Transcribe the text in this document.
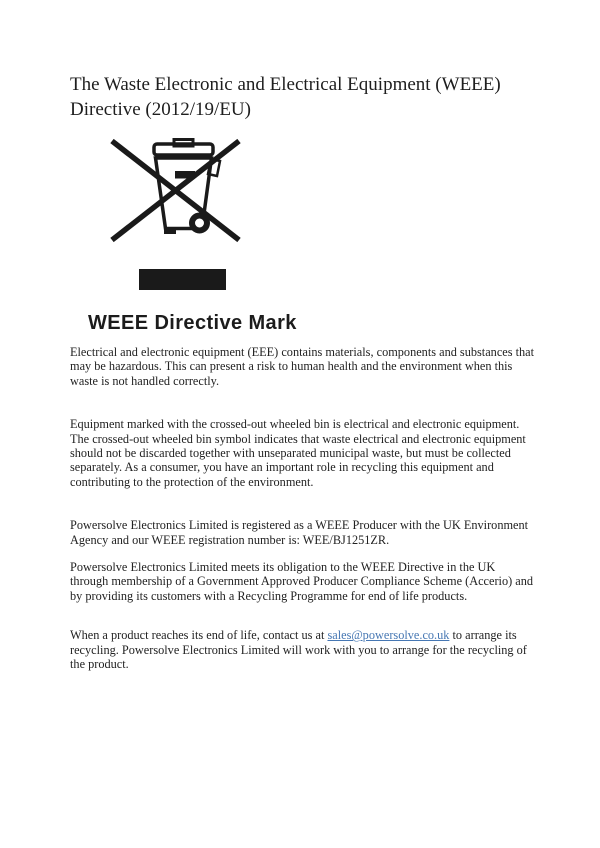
The Waste Electronic and Electrical Equipment (WEEE) Directive (2012/19/EU)
WEEE Directive Mark

Electrical and electronic equipment (EEE) contains materials, components and substances that may be hazardous. This can present a risk to human health and the environment when this waste is not handled correctly.

Equipment marked with the crossed-out wheeled bin is electrical and electronic equipment. The crossed-out wheeled bin symbol indicates that waste electrical and electronic equipment should not be discarded together with unseparated municipal waste, but must be collected separately. As a consumer, you have an important role in recycling this equipment and contributing to the protection of the environment.

Powersolve Electronics Limited is registered as a WEEE Producer with the UK Environment Agency and our WEEE registration number is: WEE/BJ1251ZR.

Powersolve Electronics Limited meets its obligation to the WEEE Directive in the UK through membership of a Government Approved Producer Compliance Scheme (Accerio) and by providing its customers with a Recycling Programme for end of life products.

When a product reaches its end of life, contact us at sales@powersolve.co.uk to arrange its recycling. Powersolve Electronics Limited will work with you to arrange for the recycling of the product.
